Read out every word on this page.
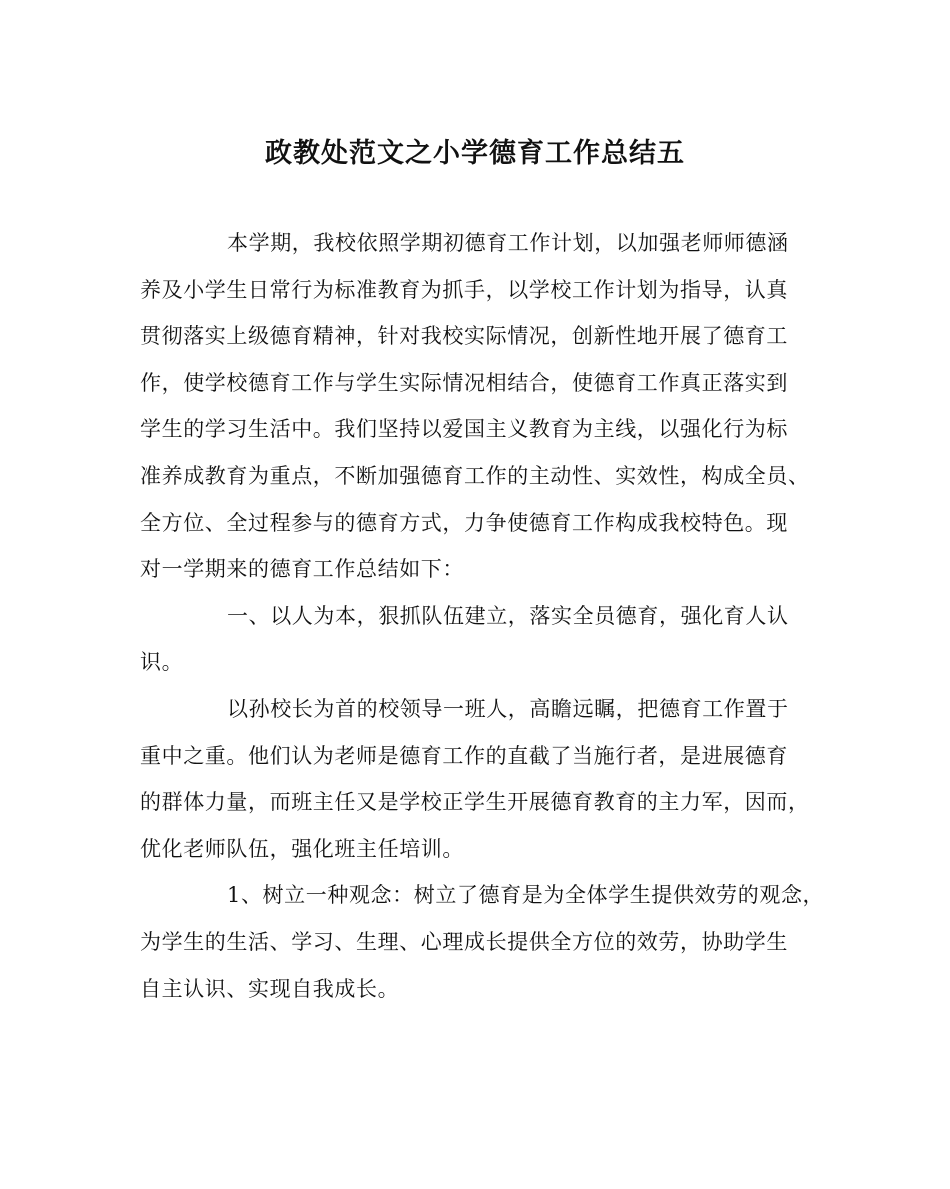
政教处范文之小学德育工作总结五
本学期，我校依照学期初德育工作计划，以加强老师师德涵
养及小学生日常行为标准教育为抓手，以学校工作计划为指导，认真
贯彻落实上级德育精神，针对我校实际情况，创新性地开展了德育工
作，使学校德育工作与学生实际情况相结合，使德育工作真正落实到
学生的学习生活中。我们坚持以爱国主义教育为主线，以强化行为标
准养成教育为重点，不断加强德育工作的主动性、实效性，构成全员、
全方位、全过程参与的德育方式，力争使德育工作构成我校特色。现
对一学期来的德育工作总结如下：
一、以人为本，狠抓队伍建立，落实全员德育，强化育人认
识。
以孙校长为首的校领导一班人，高瞻远瞩，把德育工作置于
重中之重。他们认为老师是德育工作的直截了当施行者，是进展德育
的群体力量，而班主任又是学校正学生开展德育教育的主力军，因而，
优化老师队伍，强化班主任培训。
1、树立一种观念：树立了德育是为全体学生提供效劳的观念，
为学生的生活、学习、生理、心理成长提供全方位的效劳，协助学生
自主认识、实现自我成长。
